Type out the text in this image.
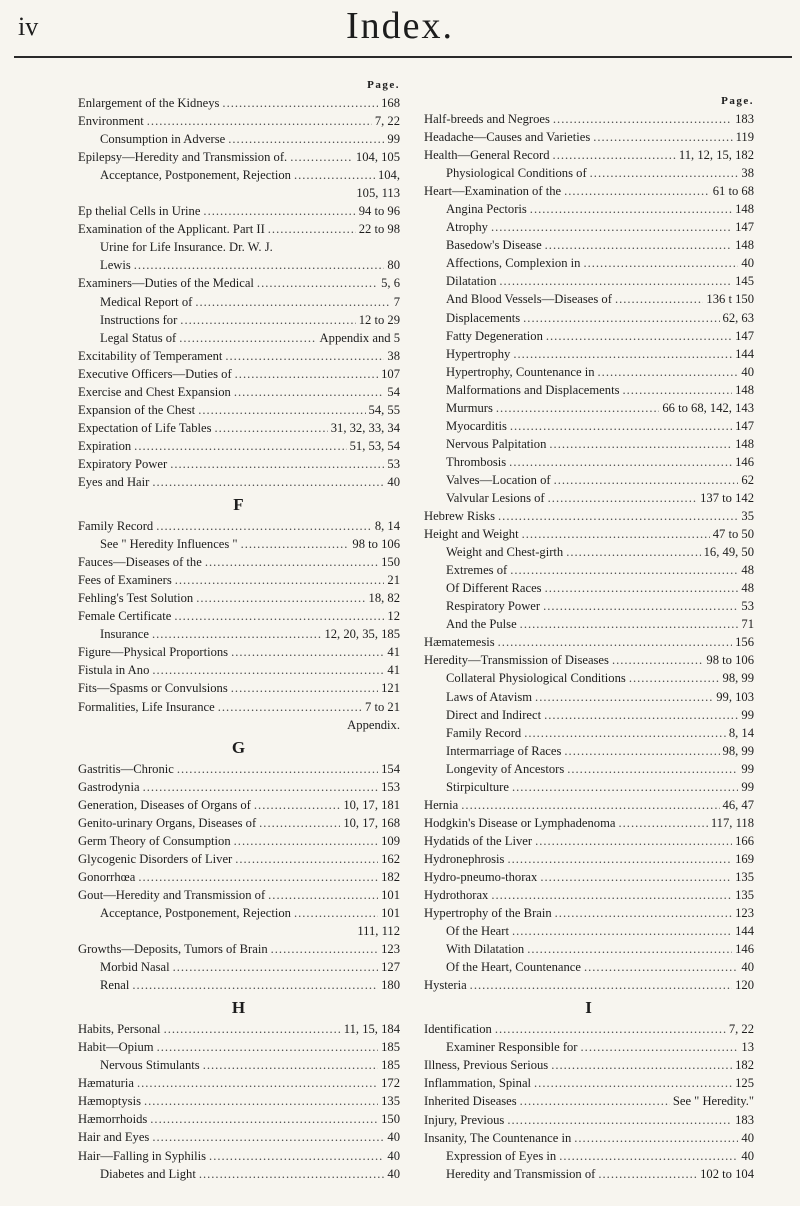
iv	Index.
Page.
Enlargement of the Kidneys .....	168
Environment .....	7, 22
Consumption in Adverse .....	99
Epilepsy—Heredity and Transmission of. .....	104, 105
Acceptance, Postponement, Rejection .....	104,
105, 113
Ep thelial Cells in Urine .....	94 to 96
Examination of the Applicant. Part II .....	22 to 98
Urine for Life Insurance. Dr. W. J.
Lewis .....	80
Examiners—Duties of the Medical .....	5, 6
Medical Report of .....	7
Instructions for .....	12 to 29
Legal Status of .....	Appendix and 5
Excitability of Temperament .....	38
Executive Officers—Duties of .....	107
Exercise and Chest Expansion .....	54
Expansion of the Chest .....	54, 55
Expectation of Life Tables .....	31, 32, 33, 34
Expiration .....	51, 53, 54
Expiratory Power .....	53
Eyes and Hair .....	40
F
Family Record .....	8, 14
See " Heredity Influences " .....	98 to 106
Fauces—Diseases of the .....	150
Fees of Examiners .....	21
Fehling's Test Solution .....	18, 82
Female Certificate .....	12
Insurance .....	12, 20, 35, 185
Figure—Physical Proportions .....	41
Fistula in Ano .....	41
Fits—Spasms or Convulsions .....	121
Formalities, Life Insurance .....	7 to 21
Appendix.
G
Gastritis—Chronic .....	154
Gastrodynia .....	153
Generation, Diseases of Organs of .....	10, 17, 181
Genito-urinary Organs, Diseases of .....	10, 17, 168
Germ Theory of Consumption .....	109
Glycogenic Disorders of Liver .....	162
Gonorrhœa .....	182
Gout—Heredity and Transmission of .....	101
Acceptance, Postponement, Rejection .....	101
111, 112
Growths—Deposits, Tumors of Brain .....	123
Morbid Nasal .....	127
Renal .....	180
H
Habits, Personal .....	11, 15, 184
Habit—Opium .....	185
Nervous Stimulants .....	185
Hæmaturia .....	172
Hæmoptysis .....	135
Hæmorrhoids .....	150
Hair and Eyes .....	40
Hair—Falling in Syphilis .....	40
Diabetes and Light .....	40
Page.
Half-breeds and Negroes .....	183
Headache—Causes and Varieties .....	119
Health—General Record .....	11, 12, 15, 182
Physiological Conditions of .....	38
Heart—Examination of the .....	61 to 68
Angina Pectoris .....	148
Atrophy .....	147
Basedow's Disease .....	148
Affections, Complexion in .....	40
Dilatation .....	145
And Blood Vessels—Diseases of .....	136 t 150
Displacements .....	62, 63
Fatty Degeneration .....	147
Hypertrophy .....	144
Hypertrophy, Countenance in .....	40
Malformations and Displacements .....	148
Murmurs .....	66 to 68, 142, 143
Myocarditis .....	147
Nervous Palpitation .....	148
Thrombosis .....	146
Valves—Location of .....	62
Valvular Lesions of .....	137 to 142
Hebrew Risks .....	35
Height and Weight .....	47 to 50
Weight and Chest-girth .....	16, 49, 50
Extremes of .....	48
Of Different Races .....	48
Respiratory Power .....	53
And the Pulse .....	71
Hæmatemesis .....	156
Heredity—Transmission of Diseases .....	98 to 106
Collateral Physiological Conditions .....	98, 99
Laws of Atavism .....	99, 103
Direct and Indirect .....	99
Family Record .....	8, 14
Intermarriage of Races .....	98, 99
Longevity of Ancestors .....	99
Stirpiculture .....	99
Hernia .....	46, 47
Hodgkin's Disease or Lymphadenoma .....	117, 118
Hydatids of the Liver .....	166
Hydronephrosis .....	169
Hydro-pneumo-thorax .....	135
Hydrothorax .....	135
Hypertrophy of the Brain .....	123
Of the Heart .....	144
With Dilatation .....	146
Of the Heart, Countenance .....	40
Hysteria .....	120
I
Identification .....	7, 22
Examiner Responsible for .....	13
Illness, Previous Serious .....	182
Inflammation, Spinal .....	125
Inherited Diseases .....	See " Heredity."
Injury, Previous .....	183
Insanity, The Countenance in .....	40
Expression of Eyes in .....	40
Heredity and Transmission of .....	102 to 104
